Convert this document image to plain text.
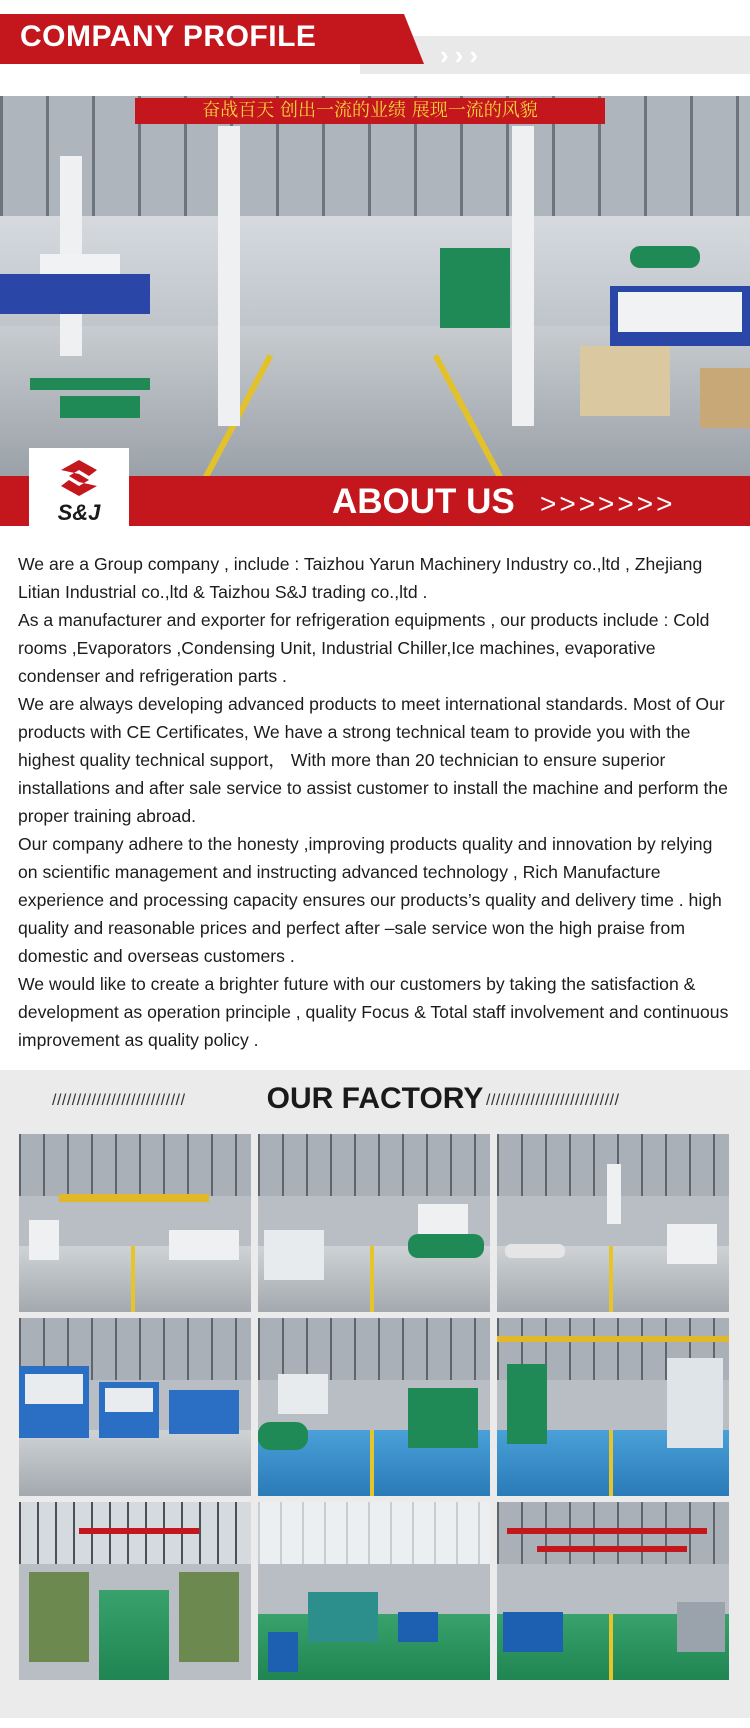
COMPANY PROFILE
›››
奋战百天 创出一流的业绩 展现一流的风貌
ABOUT US >>>>>>>
S&J

We are a Group company , include : Taizhou Yarun Machinery Industry co.,ltd , Zhejiang Litian Industrial co.,ltd & Taizhou S&J trading co.,ltd .

As a manufacturer and exporter for refrigeration equipments , our products include : Cold rooms ,Evaporators ,Condensing Unit, Industrial Chiller,Ice machines, evaporative condenser and refrigeration parts .

We are always developing advanced products to meet international standards. Most of Our products with CE Certificates, We have a strong technical team to provide you with the highest quality technical support， With more than 20 technician to ensure superior installations and after sale service to assist customer to install the machine and perform the proper training abroad.

Our company adhere to the honesty ,improving products quality and innovation by relying on scientific management and instructing advanced technology , Rich Manufacture experience and processing capacity ensures our products’s quality and delivery time . high quality and reasonable prices and perfect after –sale service won the high praise from domestic and overseas customers .

We would like to create a brighter future with our customers by taking the satisfaction & development as operation principle , quality Focus & Total staff involvement and continuous improvement as quality policy .

///////////////////////////	OUR FACTORY ///////////////////////////
